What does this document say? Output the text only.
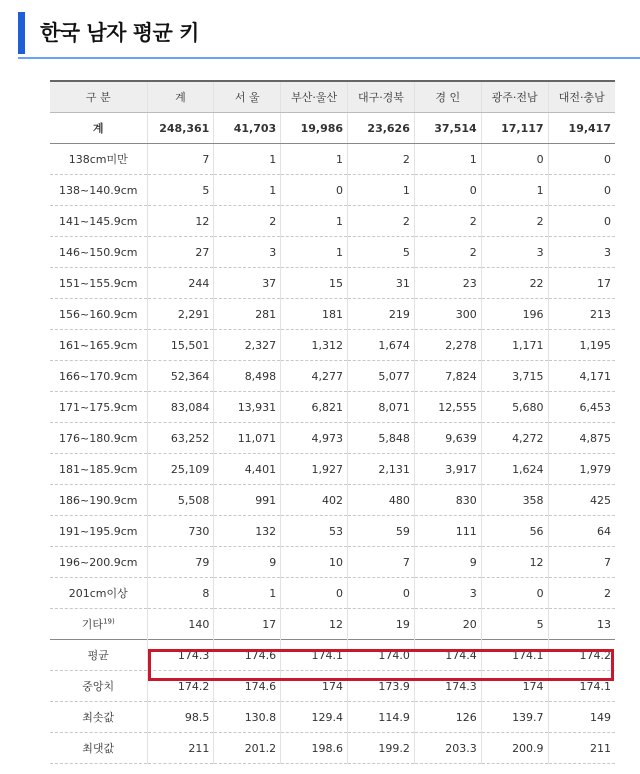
한국 남자 평균 키
구 분	계	서 울	부산·울산	대구·경북	경 인	광주·전남	대전·충남
계	248,361	41,703	19,986	23,626	37,514	17,117	19,417
138cm미만	7	1	1	2	1	0	0
138~140.9cm	5	1	0	1	0	1	0
141~145.9cm	12	2	1	2	2	2	0
146~150.9cm	27	3	1	5	2	3	3
151~155.9cm	244	37	15	31	23	22	17
156~160.9cm	2,291	281	181	219	300	196	213
161~165.9cm	15,501	2,327	1,312	1,674	2,278	1,171	1,195
166~170.9cm	52,364	8,498	4,277	5,077	7,824	3,715	4,171
171~175.9cm	83,084	13,931	6,821	8,071	12,555	5,680	6,453
176~180.9cm	63,252	11,071	4,973	5,848	9,639	4,272	4,875
181~185.9cm	25,109	4,401	1,927	2,131	3,917	1,624	1,979
186~190.9cm	5,508	991	402	480	830	358	425
191~195.9cm	730	132	53	59	111	56	64
196~200.9cm	79	9	10	7	9	12	7
201cm이상	8	1	0	0	3	0	2
기타$^{19)}$	140	17	12	19	20	5	13
평균	174.3	174.6	174.1	174.0	174.4	174.1	174.2
중앙치	174.2	174.6	174	173.9	174.3	174	174.1
최솟값	98.5	130.8	129.4	114.9	126	139.7	149
최댓값	211	201.2	198.6	199.2	203.3	200.9	211
